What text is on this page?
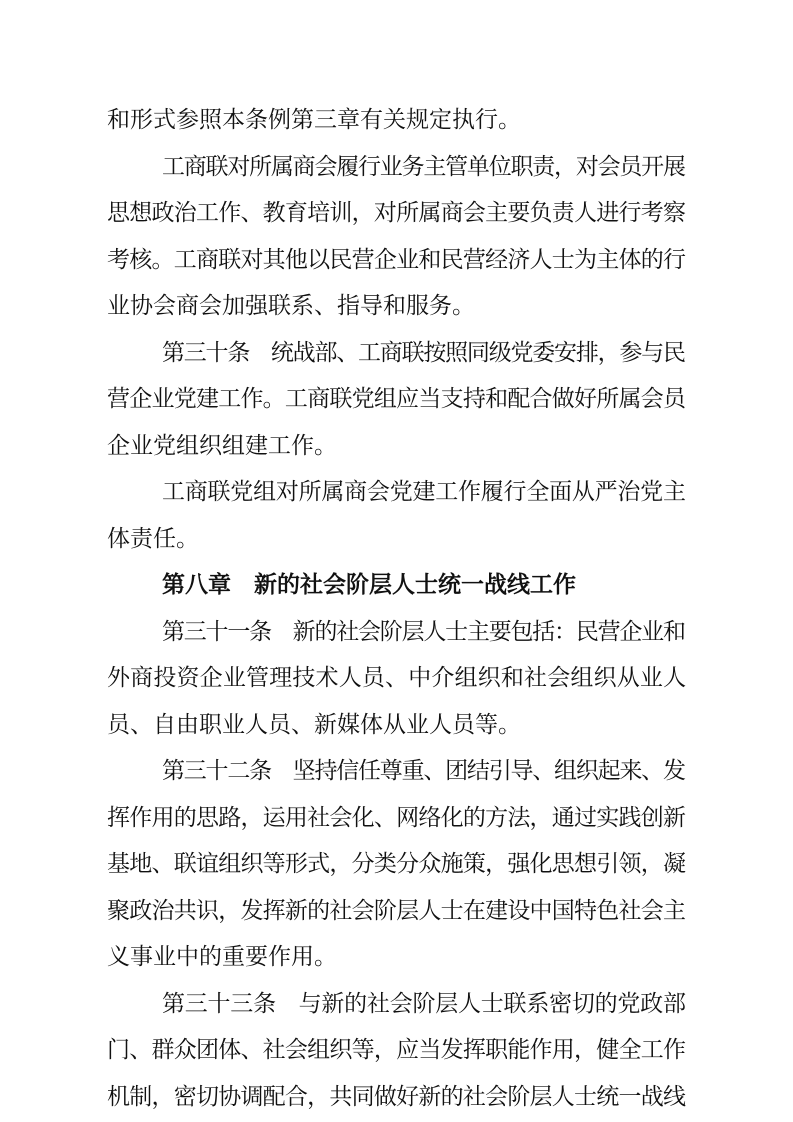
和形式参照本条例第三章有关规定执行。
工商联对所属商会履行业务主管单位职责，对会员开展
思想政治工作、教育培训，对所属商会主要负责人进行考察
考核。工商联对其他以民营企业和民营经济人士为主体的行
业协会商会加强联系、指导和服务。
第三十条　统战部、工商联按照同级党委安排，参与民
营企业党建工作。工商联党组应当支持和配合做好所属会员
企业党组织组建工作。
工商联党组对所属商会党建工作履行全面从严治党主
体责任。
第八章　新的社会阶层人士统一战线工作
第三十一条　新的社会阶层人士主要包括：民营企业和
外商投资企业管理技术人员、中介组织和社会组织从业人
员、自由职业人员、新媒体从业人员等。
第三十二条　坚持信任尊重、团结引导、组织起来、发
挥作用的思路，运用社会化、网络化的方法，通过实践创新
基地、联谊组织等形式，分类分众施策，强化思想引领，凝
聚政治共识，发挥新的社会阶层人士在建设中国特色社会主
义事业中的重要作用。
第三十三条　与新的社会阶层人士联系密切的党政部
门、群众团体、社会组织等，应当发挥职能作用，健全工作
机制，密切协调配合，共同做好新的社会阶层人士统一战线
